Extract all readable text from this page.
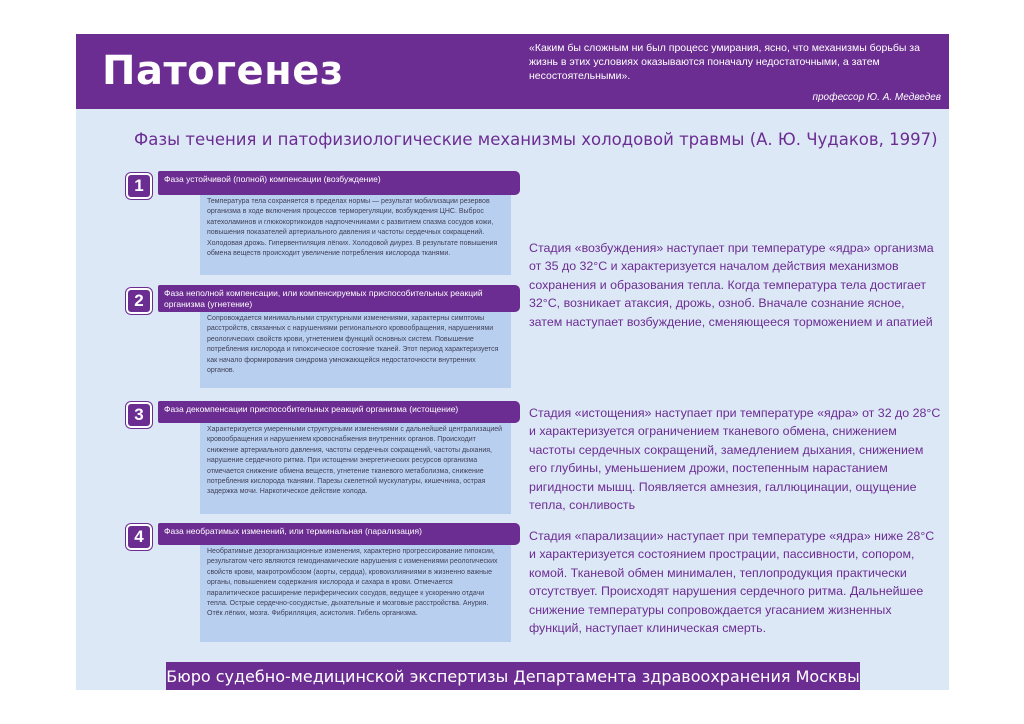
Патогенез	«Каким бы сложным ни был процесс умирания, ясно, что механизмы борьбы за жизнь в этих условиях оказываются поначалу недостаточными, а затем несостоятельными».
профессор Ю. А. Медведев
Фазы течения и патофизиологические механизмы холодовой травмы (А. Ю. Чудаков, 1997)
1	Фаза устойчивой (полной) компенсации (возбуждение)
Температура тела сохраняется в пределах нормы — результат мобилизации резервов организма в ходе включения процессов терморегуляции, возбуждения ЦНС. Выброс катехоламинов и глюкокортикоидов надпочечниками с развитием спазма сосудов кожи, повышения показателей артериального давления и частоты сердечных сокращений. Холодовая дрожь. Гипервентиляция лёгких. Холодовой диурез. В результате повышения обмена веществ происходит увеличение потребления кислорода тканями.	Стадия «возбуждения» наступает при температуре «ядра» организма от 35 до 32°С и характеризуется началом действия механизмов сохранения и образования тепла. Когда температура тела достигает 32°С, возникает атаксия, дрожь, озноб. Вначале сознание ясное, затем наступает возбуждение, сменяющееся торможением и апатией
2	Фаза неполной компенсации, или компенсируемых приспособительных реакций организма (угнетение)
Сопровождается минимальными структурными изменениями, характерны симптомы расстройств, связанных с нарушениями регионального кровообращения, нарушениями реологических свойств крови, угнетением функций основных систем. Повышение потребления кислорода и гипоксическое состояние тканей. Этот период характеризуется как начало формирования синдрома умножающейся недостаточности внутренних органов.
3	Фаза декомпенсации приспособительных реакций организма (истощение)
Характеризуется умеренными структурными изменениями с дальнейшей централизацией кровообращения и нарушением кровоснабжения внутренних органов. Происходит снижение артериального давления, частоты сердечных сокращений, частоты дыхания, нарушение сердечного ритма. При истощении энергетических ресурсов организма отмечается снижение обмена веществ, угнетение тканевого метаболизма, снижение потребления кислорода тканями. Парезы скелетной мускулатуры, кишечника, острая задержка мочи. Наркотическое действие холода.
Стадия «истощения» наступает при температуре «ядра» от 32 до 28°С и характеризуется ограничением тканевого обмена, снижением частоты сердечных сокращений, замедлением дыхания, снижением его глубины, уменьшением дрожи, постепенным нарастанием ригидности мышц. Появляется амнезия, галлюцинации, ощущение тепла, сонливость
4	Фаза необратимых изменений, или терминальная (парализация)
Необратимые дезорганизационные изменения, характерно прогрессирование гипоксии, результатом чего являются гемодинамические нарушения с изменениями реологических свойств крови, макротромбозом (аорты, сердца), кровоизлияниями в жизненно важные органы, повышением содержания кислорода и сахара в крови. Отмечается паралитическое расширение периферических сосудов, ведущее к ускорению отдачи тепла. Острые сердечно-сосудистые, дыхательные и мозговые расстройства. Анурия. Отёк лёгких, мозга. Фибрилляция, асистолия. Гибель организма.
Стадия «парализации» наступает при температуре «ядра» ниже 28°С и характеризуется состоянием прострации, пассивности, сопором, комой. Тканевой обмен минимален, теплопродукция практически отсутствует. Происходят нарушения сердечного ритма. Дальнейшее снижение температуры сопровождается угасанием жизненных функций, наступает клиническая смерть.
Бюро судебно-медицинской экспертизы Департамента здравоохранения Москвы
